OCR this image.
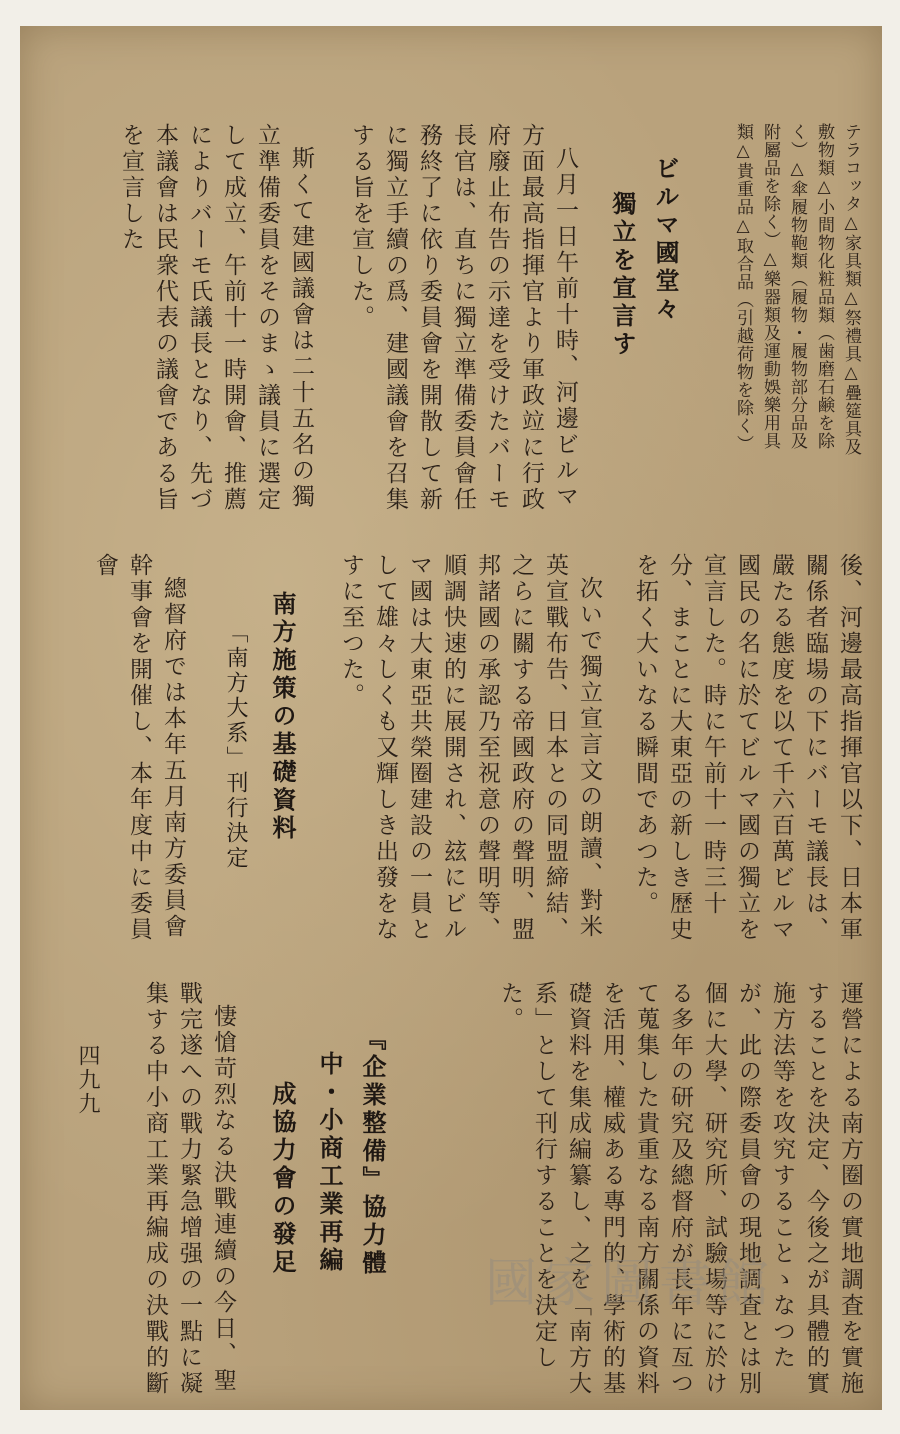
テラコッタ△家具類△祭禮具△疊筵具及

敷物類△小間物化粧品類（歯磨石鹸を除

く）△傘履物鞄類（履物・履物部分品及

附屬品を除く）△樂器類及運動娛樂用具

類△貴重品△取合品（引越荷物を除く）

ビルマ國堂々
獨立を宣言す

八月一日午前十時、河邊ビルマ方面最高指揮官より軍政竝に行政府廢止布告の示達を受けたバーモ長官は、直ちに獨立準備委員會任務終了に依り委員會を開散して新に獨立手續の爲、建國議會を召集する旨を宣した。

斯くて建國議會は二十五名の獨立準備委員をそのまゝ議員に選定して成立、午前十一時開會、推薦によりバーモ氏議長となり、先づ本議會は民衆代表の議會である旨を宣言した

後、河邊最高指揮官以下、日本軍關係者臨場の下にバーモ議長は、嚴たる態度を以て千六百萬ビルマ國民の名に於てビルマ國の獨立を宣言した。時に午前十一時三十分、まことに大東亞の新しき歷史を拓く大いなる瞬間であつた。

次いで獨立宣言文の朗讀、對米英宣戰布告、日本との同盟締結、之らに關する帝國政府の聲明、盟邦諸國の承認乃至祝意の聲明等、順調快速的に展開され、玆にビルマ國は大東亞共榮圈建設の一員として雄々しくも又輝しき出發をなすに至つた。

南方施策の基礎資料
「南方大系」刊行決定

總督府では本年五月南方委員會幹事會を開催し、本年度中に委員會

運營による南方圈の實地調査を實施することを決定、今後之が具體的實施方法等を攻究することゝなつたが、此の際委員會の現地調査とは別個に大學、研究所、試驗場等に於ける多年の研究及總督府が長年に亙つて蒐集した貴重なる南方關係の資料を活用、權威ある專門的、學術的基礎資料を集成編纂し、之を「南方大系」として刊行することを決定した。

『企業整備』協力體
中・小商工業再編
成協力會の發足

悽愴苛烈なる決戰連續の今日、聖戰完遂への戰力緊急增强の一點に凝集する中小商工業再編成の決戰的斷

四九九
國家圖書館
